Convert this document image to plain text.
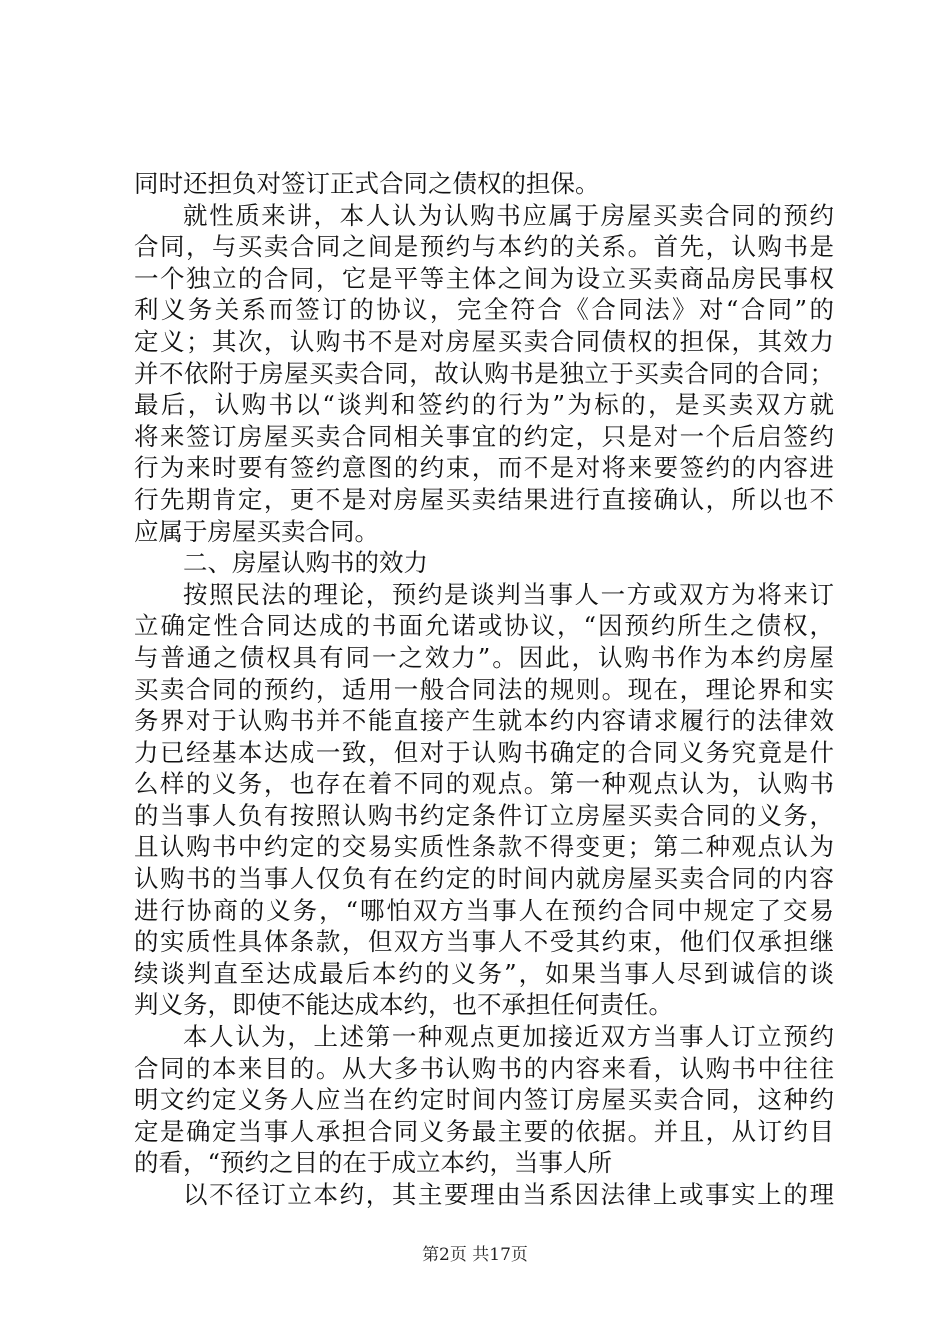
同时还担负对签订正式合同之债权的担保。
就性质来讲，本人认为认购书应属于房屋买卖合同的预约
合同，与买卖合同之间是预约与本约的关系。首先，认购书是
一个独立的合同，它是平等主体之间为设立买卖商品房民事权
利义务关系而签订的协议，完全符合《合同法》对“合同”的
定义；其次，认购书不是对房屋买卖合同债权的担保，其效力
并不依附于房屋买卖合同，故认购书是独立于买卖合同的合同；
最后，认购书以“谈判和签约的行为”为标的，是买卖双方就
将来签订房屋买卖合同相关事宜的约定，只是对一个后启签约
行为来时要有签约意图的约束，而不是对将来要签约的内容进
行先期肯定，更不是对房屋买卖结果进行直接确认，所以也不
应属于房屋买卖合同。
二、房屋认购书的效力
按照民法的理论，预约是谈判当事人一方或双方为将来订
立确定性合同达成的书面允诺或协议，“因预约所生之债权，
与普通之债权具有同一之效力”。因此，认购书作为本约房屋
买卖合同的预约，适用一般合同法的规则。现在，理论界和实
务界对于认购书并不能直接产生就本约内容请求履行的法律效
力已经基本达成一致，但对于认购书确定的合同义务究竟是什
么样的义务，也存在着不同的观点。第一种观点认为，认购书
的当事人负有按照认购书约定条件订立房屋买卖合同的义务，
且认购书中约定的交易实质性条款不得变更；第二种观点认为
认购书的当事人仅负有在约定的时间内就房屋买卖合同的内容
进行协商的义务，“哪怕双方当事人在预约合同中规定了交易
的实质性具体条款，但双方当事人不受其约束，他们仅承担继
续谈判直至达成最后本约的义务”，如果当事人尽到诚信的谈
判义务，即使不能达成本约，也不承担任何责任。
本人认为，上述第一种观点更加接近双方当事人订立预约
合同的本来目的。从大多书认购书的内容来看，认购书中往往
明文约定义务人应当在约定时间内签订房屋买卖合同，这种约
定是确定当事人承担合同义务最主要的依据。并且，从订约目
的看，“预约之目的在于成立本约，当事人所
以不径订立本约，其主要理由当系因法律上或事实上的理
第2页 共17页
